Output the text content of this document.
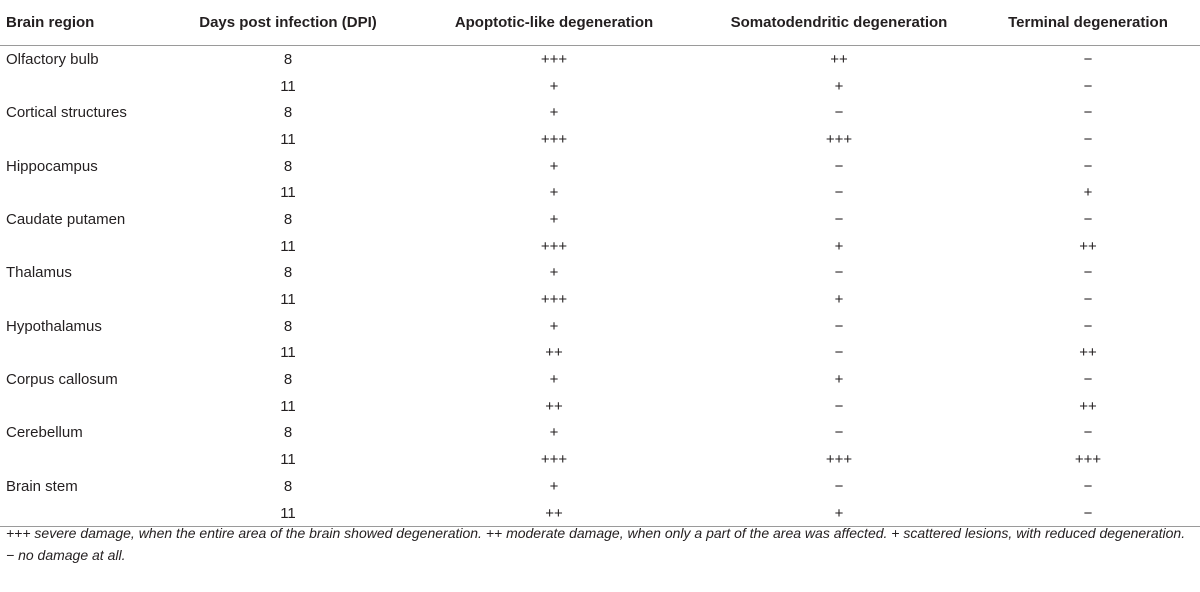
Brain region	Days post infection (DPI)	Apoptotic-like degeneration	Somatodendritic degeneration	Terminal degeneration
Olfactory bulb	8	+++	++	−
	11	+	+	−
Cortical structures	8	+	−	−
	11	+++	+++	−
Hippocampus	8	+	−	−
	11	+	−	+
Caudate putamen	8	+	−	−
	11	+++	+	++
Thalamus	8	+	−	−
	11	+++	+	−
Hypothalamus	8	+	−	−
	11	++	−	++
Corpus callosum	8	+	+	−
	11	++	−	++
Cerebellum	8	+	−	−
	11	+++	+++	+++
Brain stem	8	+	−	−
	11	++	+	−
+++ severe damage, when the entire area of the brain showed degeneration. ++ moderate damage, when only a part of the area was affected. + scattered lesions, with reduced degeneration. − no damage at all.
